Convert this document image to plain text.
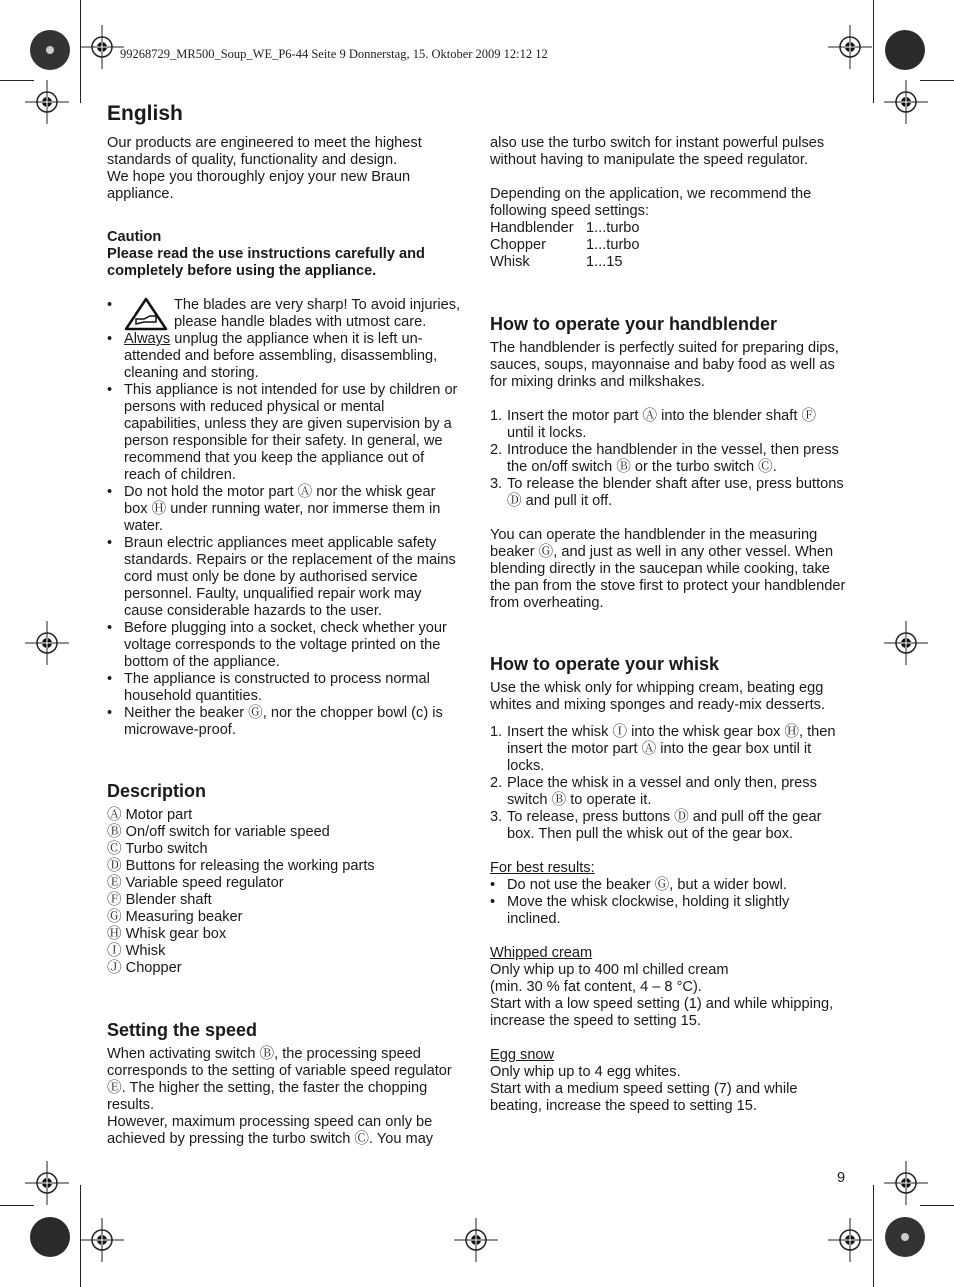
99268729_MR500_Soup_WE_P6-44 Seite 9 Donnerstag, 15. Oktober 2009 12:12 12
English

Our products are engineered to meet the highest standards of quality, functionality and design.

We hope you thoroughly enjoy your new Braun appliance.

Caution

Please read the use instructions carefully and completely before using the appliance.

•	The blades are very sharp! To avoid injuries, please handle blades with utmost care.
• Always unplug the appliance when it is left un-attended and before assembling, disassembling, cleaning and storing.
• This appliance is not intended for use by children or persons with reduced physical or mental capabilities, unless they are given supervision by a person responsible for their safety. In general, we recommend that you keep the appliance out of reach of children.
• Do not hold the motor part Ⓐ nor the whisk gear box Ⓗ under running water, nor immerse them in water.
• Braun electric appliances meet applicable safety standards. Repairs or the replacement of the mains cord must only be done by authorised service personnel. Faulty, unqualified repair work may cause considerable hazards to the user.
• Before plugging into a socket, check whether your voltage corresponds to the voltage printed on the bottom of the appliance.
• The appliance is constructed to process normal household quantities.
• Neither the beaker Ⓖ, nor the chopper bowl (c) is microwave-proof.
Description

Ⓐ Motor part

Ⓑ On/off switch for variable speed

Ⓒ Turbo switch

Ⓓ Buttons for releasing the working parts

Ⓔ Variable speed regulator

Ⓕ Blender shaft

Ⓖ Measuring beaker

Ⓗ Whisk gear box

Ⓘ Whisk

Ⓙ Chopper

Setting the speed

When activating switch Ⓑ, the processing speed corresponds to the setting of variable speed regulator Ⓔ. The higher the setting, the faster the chopping results.

However, maximum processing speed can only be achieved by pressing the turbo switch Ⓒ. You may

also use the turbo switch for instant powerful pulses without having to manipulate the speed regulator.

Depending on the application, we recommend the following speed settings:

Handblender	1...turbo
Chopper	1...turbo
Whisk	1...15
How to operate your handblender

The handblender is perfectly suited for preparing dips, sauces, soups, mayonnaise and baby food as well as for mixing drinks and milkshakes.

1. Insert the motor part Ⓐ into the blender shaft Ⓕ until it locks.
2. Introduce the handblender in the vessel, then press the on/off switch Ⓑ or the turbo switch Ⓒ.
3. To release the blender shaft after use, press buttons Ⓓ and pull it off.

You can operate the handblender in the measuring beaker Ⓖ, and just as well in any other vessel. When blending directly in the saucepan while cooking, take the pan from the stove first to protect your handblender from overheating.

How to operate your whisk

Use the whisk only for whipping cream, beating egg whites and mixing sponges and ready-mix desserts.

1. Insert the whisk Ⓘ into the whisk gear box Ⓗ, then insert the motor part Ⓐ into the gear box until it locks.
2. Place the whisk in a vessel and only then, press switch Ⓑ to operate it.
3. To release, press buttons Ⓓ and pull off the gear box. Then pull the whisk out of the gear box.

For best results:

• Do not use the beaker Ⓖ, but a wider bowl.
• Move the whisk clockwise, holding it slightly inclined.

Whipped cream

Only whip up to 400 ml chilled cream

(min. 30 % fat content, 4 – 8 °C).

Start with a low speed setting (1) and while whipping, increase the speed to setting 15.

Egg snow

Only whip up to 4 egg whites.

Start with a medium speed setting (7) and while beating, increase the speed to setting 15.

9
